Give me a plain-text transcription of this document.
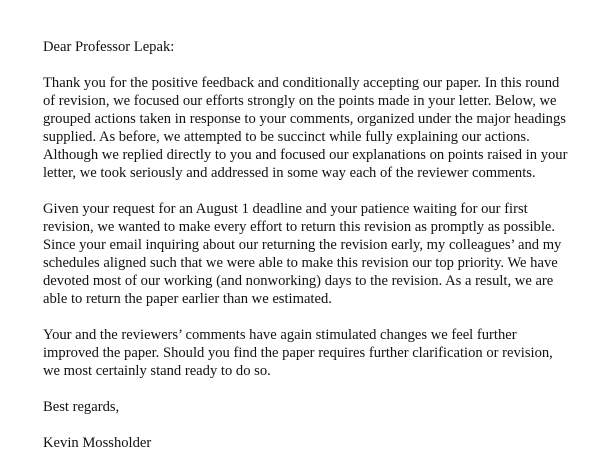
Dear Professor Lepak:
Thank you for the positive feedback and conditionally accepting our paper. In this round
of revision, we focused our efforts strongly on the points made in your letter. Below, we
grouped actions taken in response to your comments, organized under the major headings
supplied. As before, we attempted to be succinct while fully explaining our actions.
Although we replied directly to you and focused our explanations on points raised in your
letter, we took seriously and addressed in some way each of the reviewer comments.
Given your request for an August 1 deadline and your patience waiting for our first
revision, we wanted to make every effort to return this revision as promptly as possible.
Since your email inquiring about our returning the revision early, my colleagues’ and my
schedules aligned such that we were able to make this revision our top priority. We have
devoted most of our working (and nonworking) days to the revision. As a result, we are
able to return the paper earlier than we estimated.
Your and the reviewers’ comments have again stimulated changes we feel further
improved the paper. Should you find the paper requires further clarification or revision,
we most certainly stand ready to do so.
Best regards,
Kevin Mossholder
